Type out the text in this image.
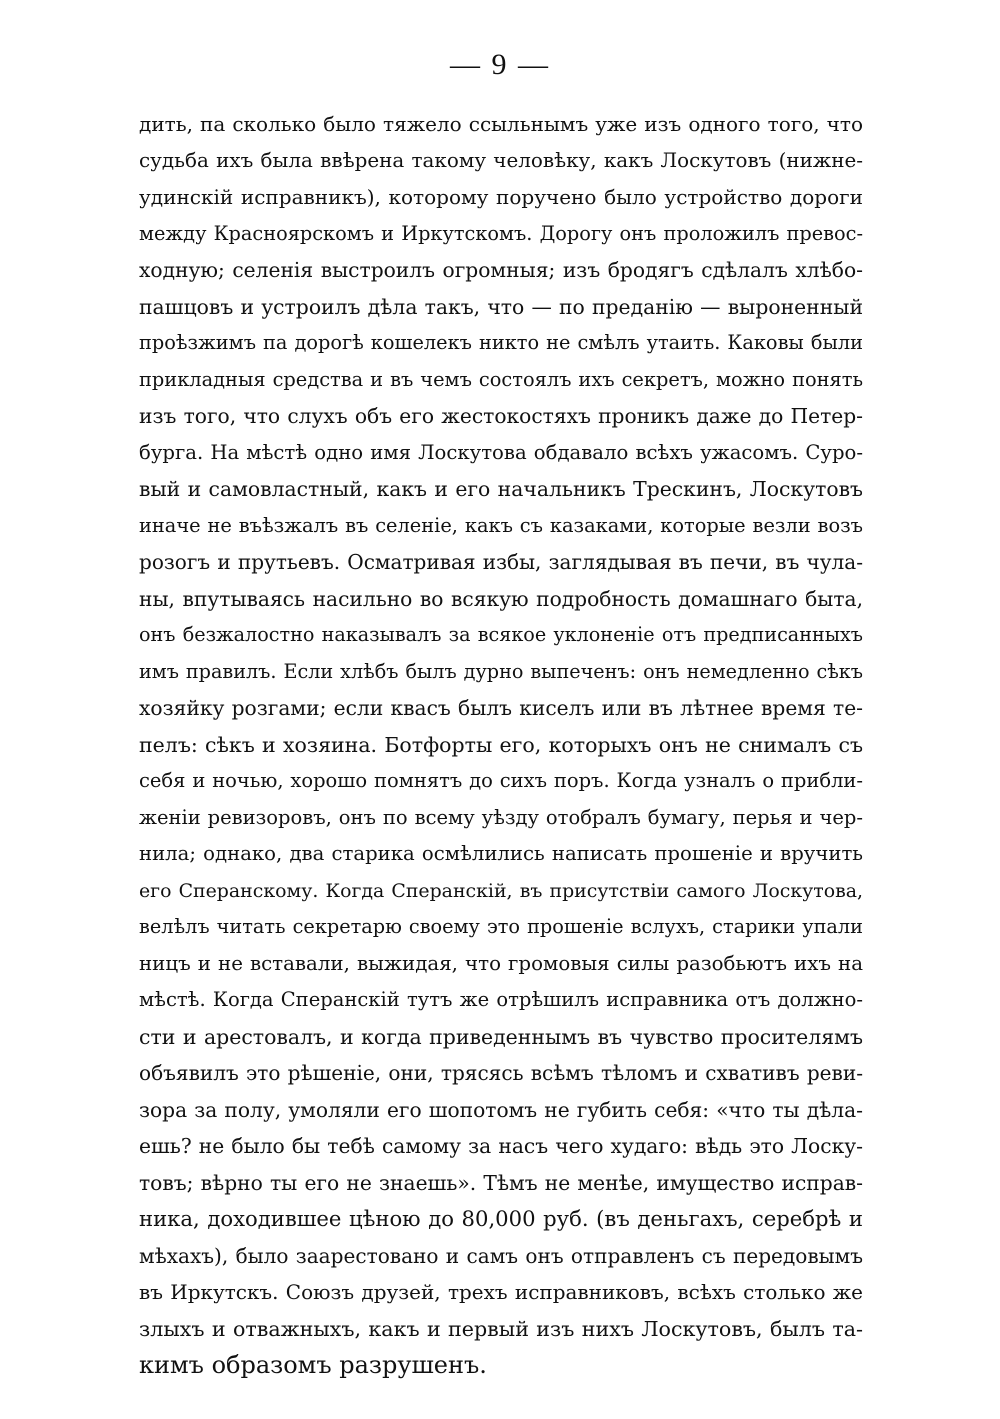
— 9 —
дить, па сколько было тяжело ссыльнымъ уже изъ одного того, что
судьба ихъ была ввѣрена такому человѣку, какъ Лоскутовъ (нижне-
удинскій исправникъ), которому поручено было устройство дороги
между Красноярскомъ и Иркутскомъ. Дорогу онъ проложилъ превос-
ходную; селенія выстроилъ огромныя; изъ бродягъ сдѣлалъ хлѣбо-
пашцовъ и устроилъ дѣла такъ, что — по преданію — выроненный
проѣзжимъ па дорогѣ кошелекъ никто не смѣлъ утаить. Каковы были
прикладныя средства и въ чемъ состоялъ ихъ секретъ, можно понять
изъ того, что слухъ объ его жестокостяхъ проникъ даже до Петер-
бурга. На мѣстѣ одно имя Лоскутова обдавало всѣхъ ужасомъ. Суро-
вый и самовластный, какъ и его начальникъ Трескинъ, Лоскутовъ
иначе не въѣзжалъ въ селеніе, какъ съ казаками, которые везли возъ
розогъ и прутьевъ. Осматривая избы, заглядывая въ печи, въ чула-
ны, впутываясь насильно во всякую подробность домашнаго быта,
онъ безжалостно наказывалъ за всякое уклоненіе отъ предписанныхъ
имъ правилъ. Если хлѣбъ былъ дурно выпеченъ: онъ немедленно сѣкъ
хозяйку розгами; если квасъ былъ киселъ или въ лѣтнее время те-
пелъ: сѣкъ и хозяина. Ботфорты его, которыхъ онъ не снималъ съ
себя и ночью, хорошо помнятъ до сихъ поръ. Когда узналъ о прибли-
женіи ревизоровъ, онъ по всему уѣзду отобралъ бумагу, перья и чер-
нила; однако, два старика осмѣлились написать прошеніе и вручить
его Сперанскому. Когда Сперанскій, въ присутствіи самого Лоскутова,
велѣлъ читать секретарю своему это прошеніе вслухъ, старики упали
ницъ и не вставали, выжидая, что громовыя силы разобьютъ ихъ на
мѣстѣ. Когда Сперанскій тутъ же отрѣшилъ исправника отъ должно-
сти и арестовалъ, и когда приведеннымъ въ чувство просителямъ
объявилъ это рѣшеніе, они, трясясь всѣмъ тѣломъ и схвативъ реви-
зора за полу, умоляли его шопотомъ не губить себя: «что ты дѣла-
ешь? не было бы тебѣ самому за насъ чего худаго: вѣдь это Лоску-
товъ; вѣрно ты его не знаешь». Тѣмъ не менѣе, имущество исправ-
ника, доходившее цѣною до 80,000 руб. (въ деньгахъ, серебрѣ и
мѣхахъ), было заарестовано и самъ онъ отправленъ съ передовымъ
въ Иркутскъ. Союзъ друзей, трехъ исправниковъ, всѣхъ столько же
злыхъ и отважныхъ, какъ и первый изъ нихъ Лоскутовъ, былъ та-
кимъ образомъ разрушенъ.
